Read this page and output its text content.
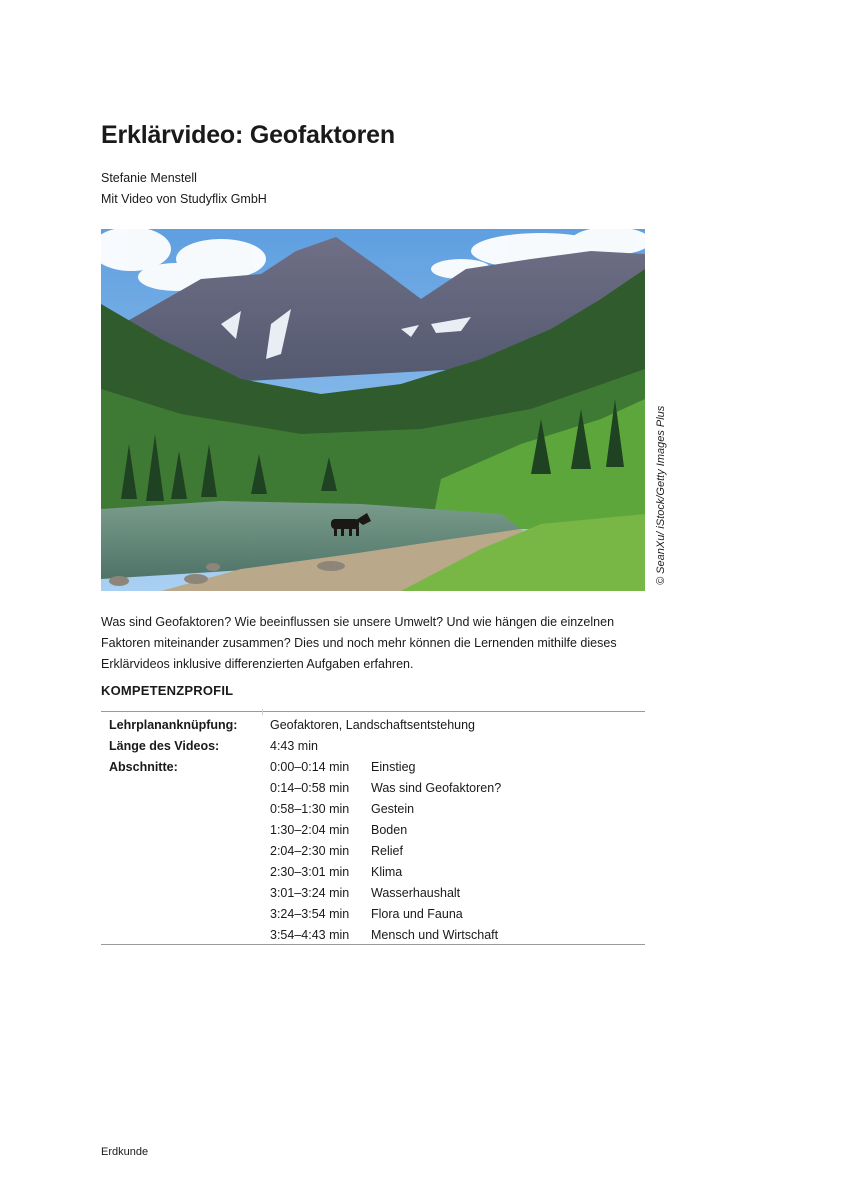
Erklärvideo: Geofaktoren
Stefanie Menstell
Mit Video von Studyflix GmbH
© SeanXu/ iStock/Getty Images Plus

Was sind Geofaktoren? Wie beeinflussen sie unsere Umwelt? Und wie hängen die einzelnen Faktoren miteinander zusammen? Dies und noch mehr können die Lernenden mithilfe dieses Erklärvideos inklusive differenzierten Aufgaben erfahren.

KOMPETENZPROFIL
Lehrplananknüpfung:	Geofaktoren, Landschaftsentstehung
Länge des Videos:	4:43 min
Abschnitte:	0:00–0:14 min Einstieg
0:14–0:58 min Was sind Geofaktoren?
0:58–1:30 min Gestein
1:30–2:04 min Boden
2:04–2:30 min Relief
2:30–3:01 min Klima
3:01–3:24 min Wasserhaushalt
3:24–3:54 min Flora und Fauna
3:54–4:43 min Mensch und Wirtschaft
Erdkunde
